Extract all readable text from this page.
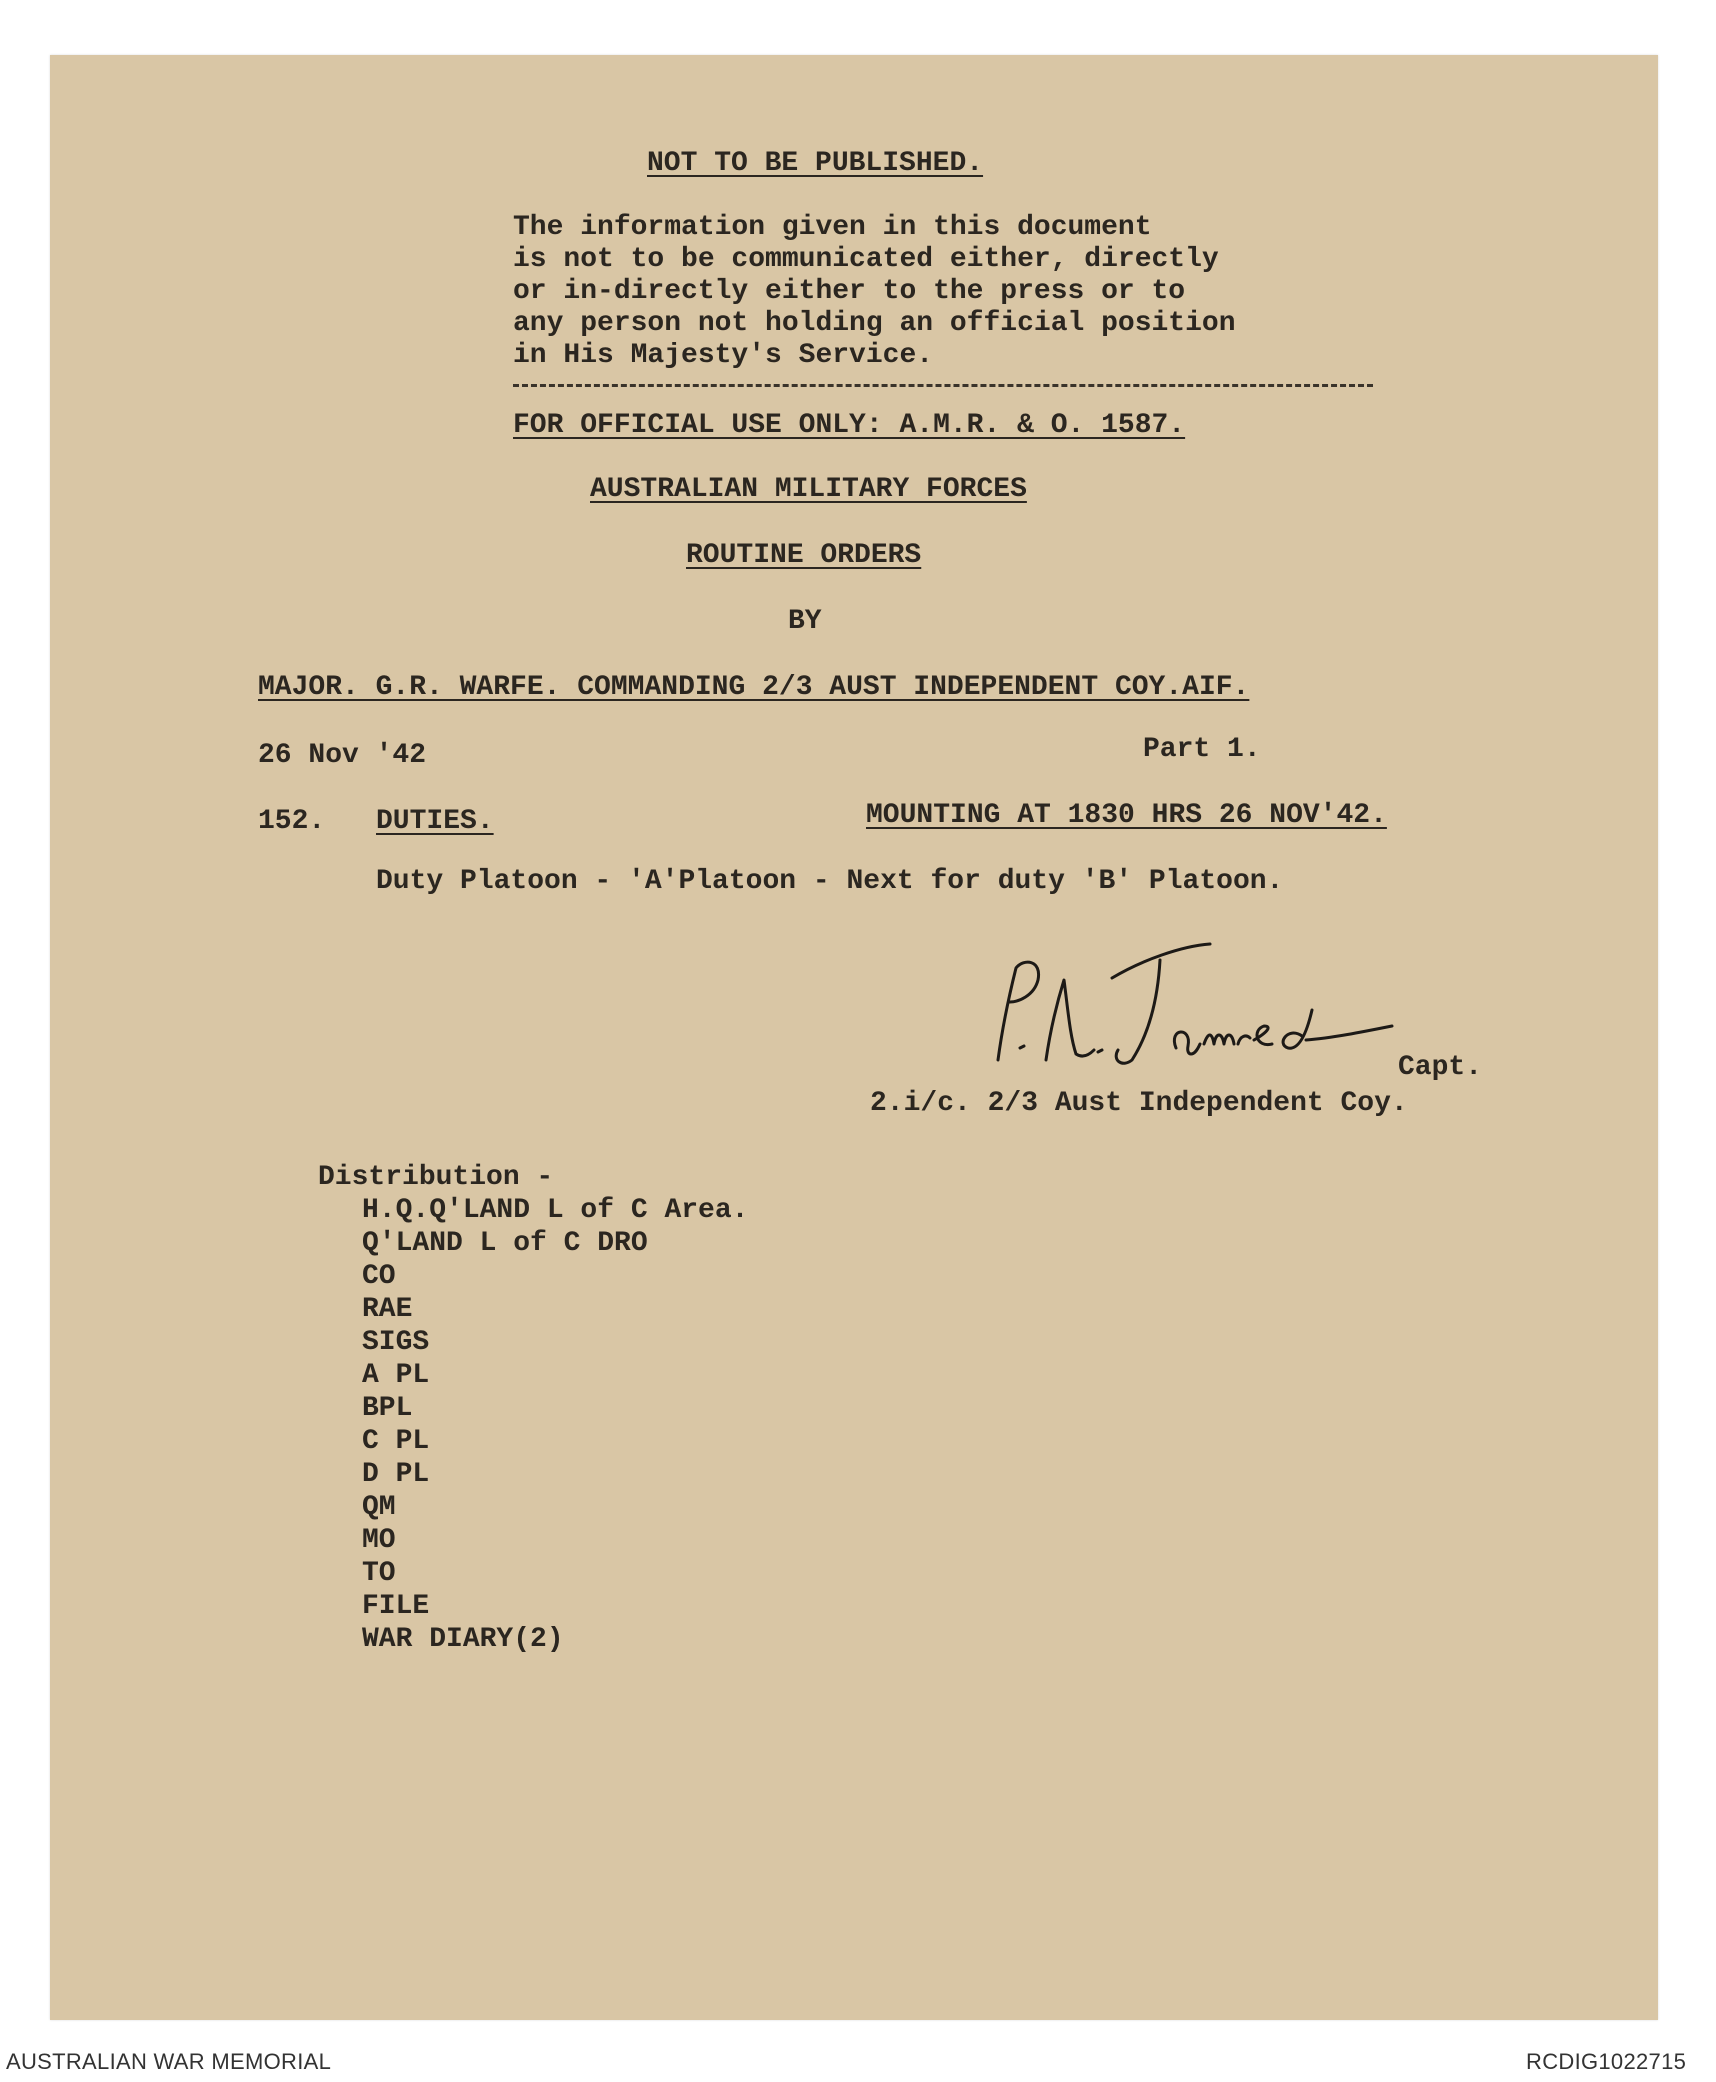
NOT TO BE PUBLISHED.
The information given in this document
is not to be communicated either, directly
or in-directly either to the press or to
any person not holding an official position
in His Majesty's Service.
FOR OFFICIAL USE ONLY: A.M.R. & O. 1587.
AUSTRALIAN MILITARY FORCES
ROUTINE ORDERS
BY
MAJOR. G.R. WARFE. COMMANDING 2/3 AUST INDEPENDENT COY.AIF.
26 Nov '42	Part 1.
152. DUTIES.	MOUNTING AT 1830 HRS 26 NOV'42.
Duty Platoon - 'A'Platoon - Next for duty 'B' Platoon.
Capt.
2.i/c. 2/3 Aust Independent Coy.
Distribution -
H.Q.Q'LAND L of C Area.
Q'LAND L of C DRO
CO
RAE
SIGS
A PL
BPL
C PL
D PL
QM
MO
TO
FILE
WAR DIARY(2)
AUSTRALIAN WAR MEMORIAL	RCDIG1022715
